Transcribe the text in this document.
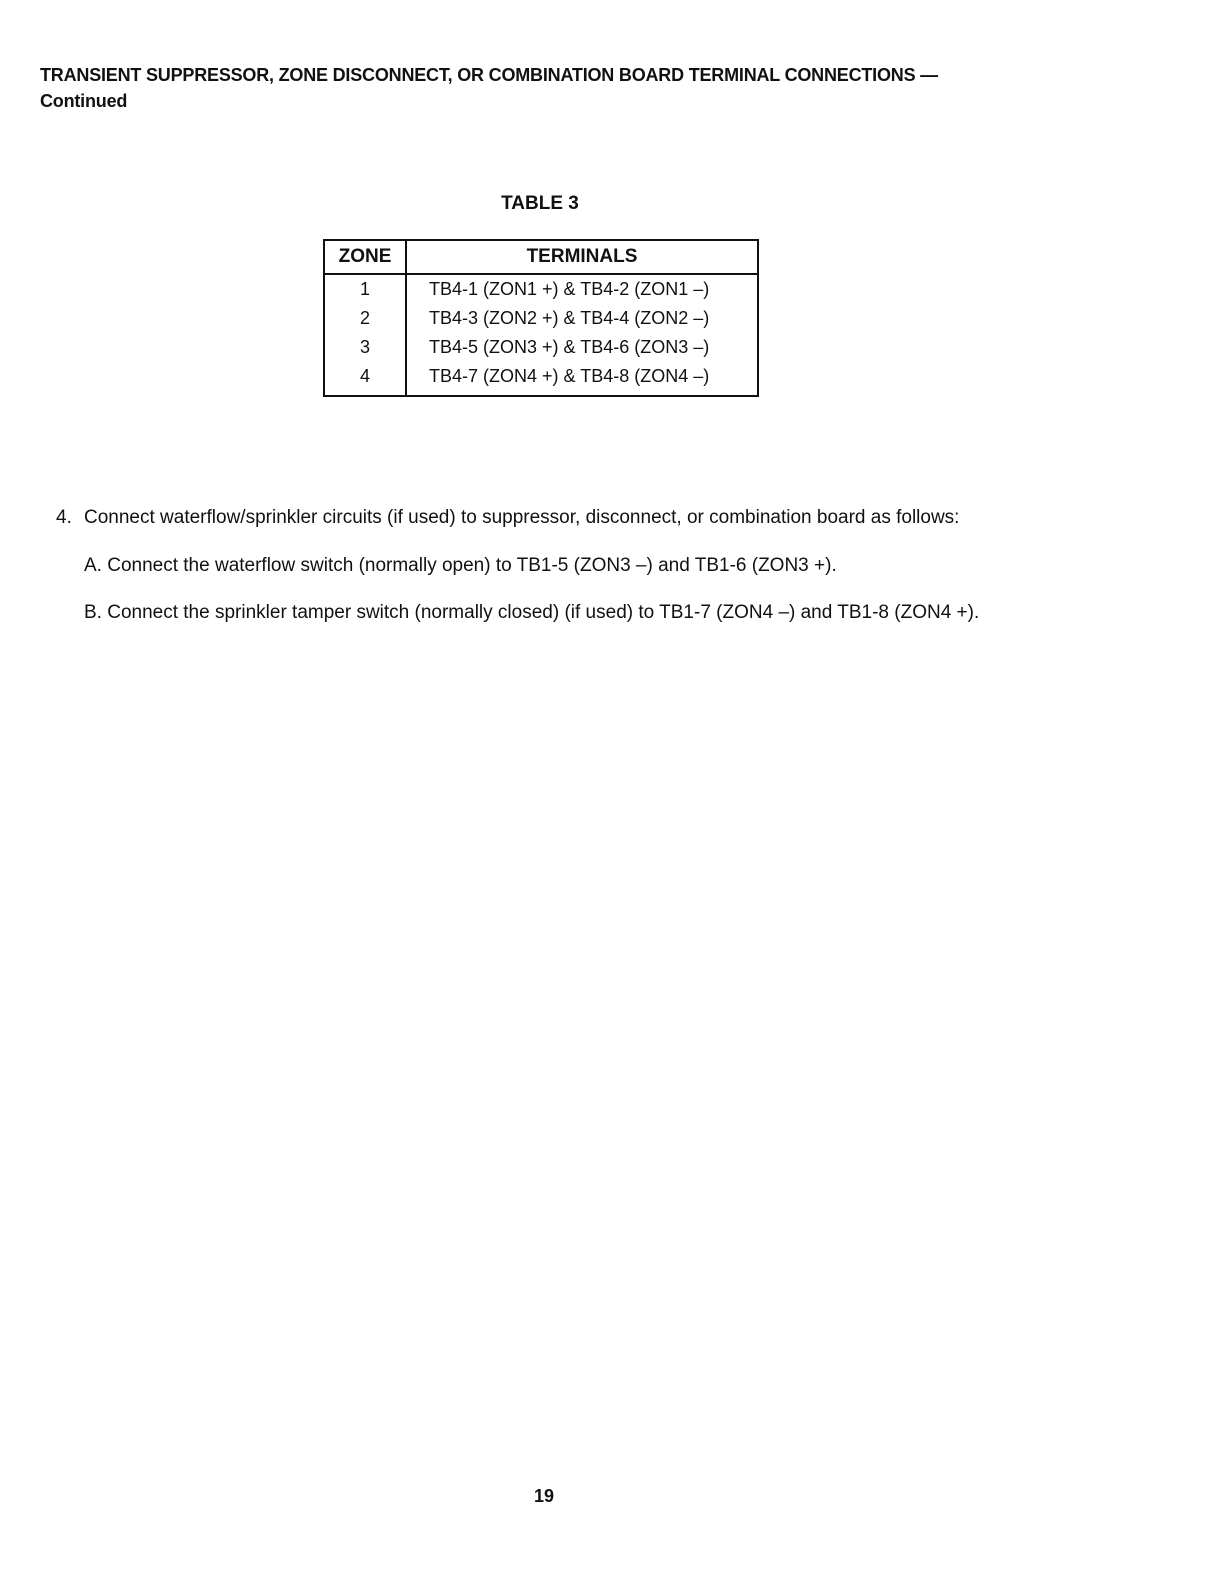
TRANSIENT SUPPRESSOR, ZONE DISCONNECT, OR COMBINATION BOARD TERMINAL CONNECTIONS —
Continued
TABLE 3
ZONE	TERMINALS
1	TB4-1 (ZON1 +) & TB4-2 (ZON1 –)
2	TB4-3 (ZON2 +) & TB4-4 (ZON2 –)
3	TB4-5 (ZON3 +) & TB4-6 (ZON3 –)
4	TB4-7 (ZON4 +) & TB4-8 (ZON4 –)
4. Connect waterflow/sprinkler circuits (if used) to suppressor, disconnect, or combination board as follows:
A. Connect the waterflow switch (normally open) to TB1-5 (ZON3 –) and TB1-6 (ZON3 +).
B. Connect the sprinkler tamper switch (normally closed) (if used) to TB1-7 (ZON4 –) and TB1-8 (ZON4 +).
19
